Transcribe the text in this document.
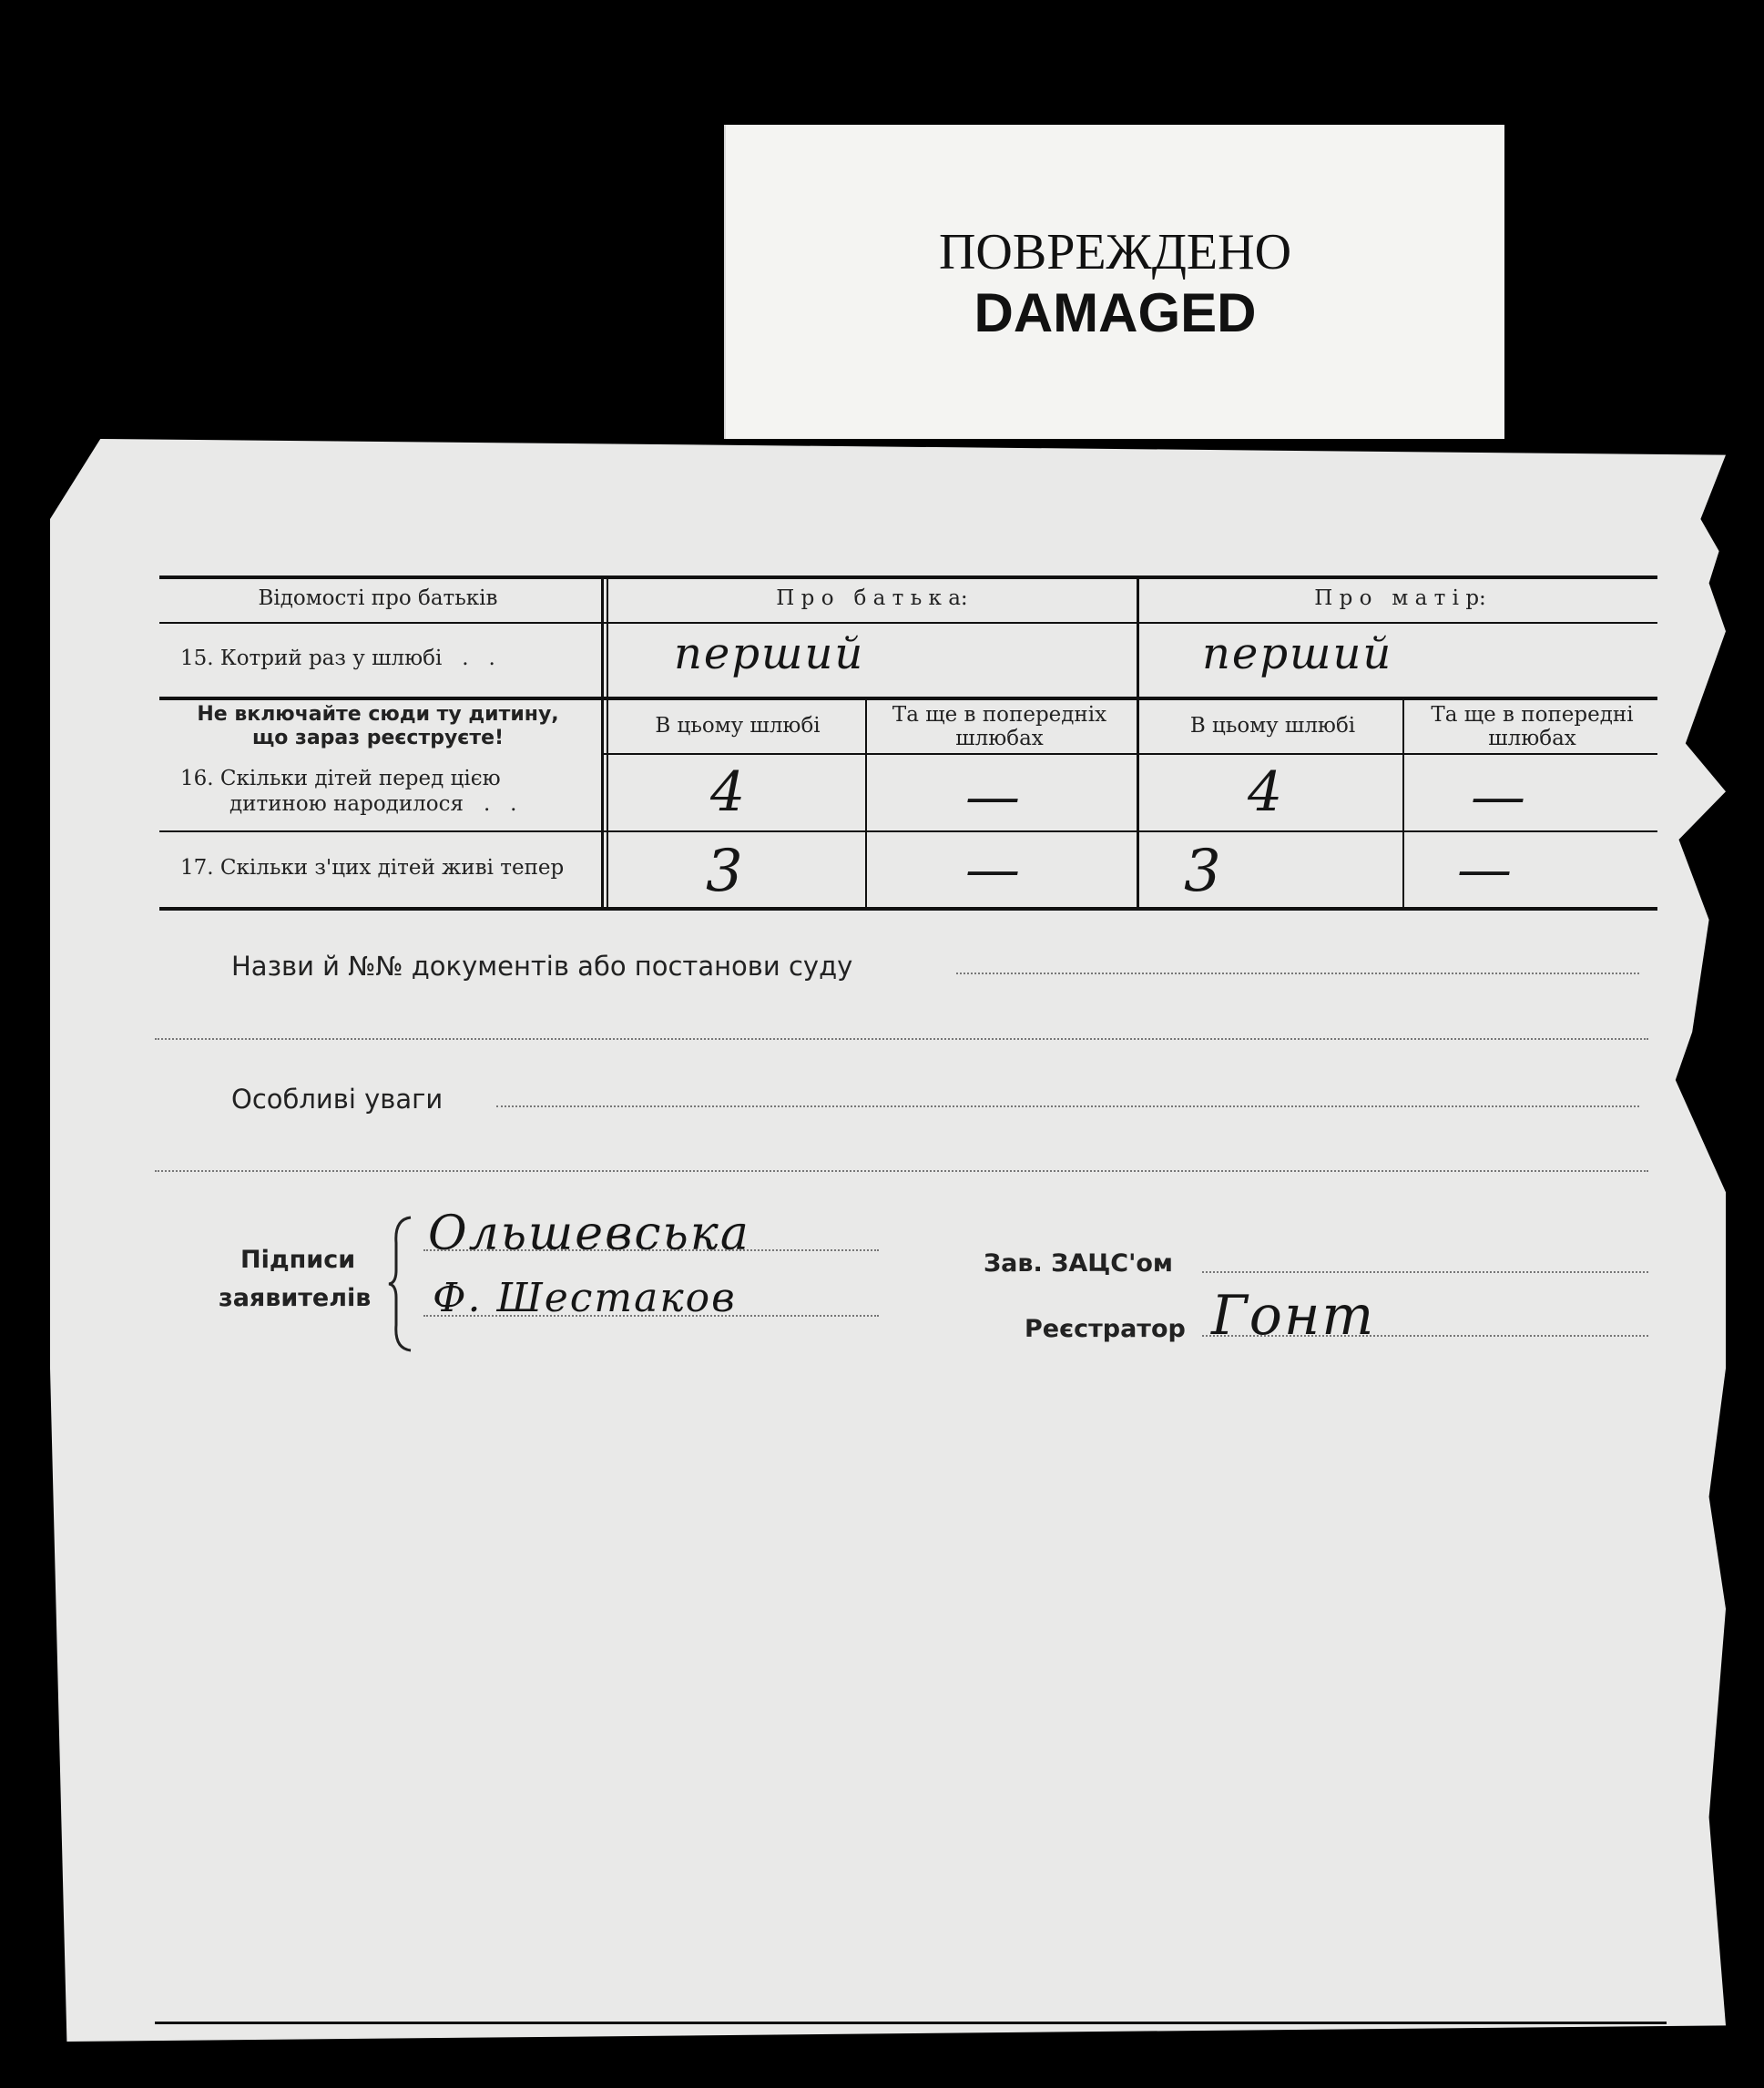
ПОВРЕЖДЕНО
DAMAGED
Відомості про батьків	П р о   б а т ь к а:	П р о   м а т і р:
15. Котрий раз у шлюбі   .   .	перший	перший
Не включайте сюди ту дитину,
що зараз реєструєте!
В цьому шлюбі	Та ще в попередніх шлюбах
В цьому шлюбі	Та ще в попередні шлюбах
16. Скільки дітей перед цією
дитиною народилося   .   .	4	—	4	—
17. Скільки з'цих дітей живі тепер 3	—	3	—
Назви й №№ документів або постанови суду
Особливі уваги
Підписи
заявителів
Ольшевська
Ф. Шестаков
Зав. ЗАЦС'ом
Реєстратор Гонт
